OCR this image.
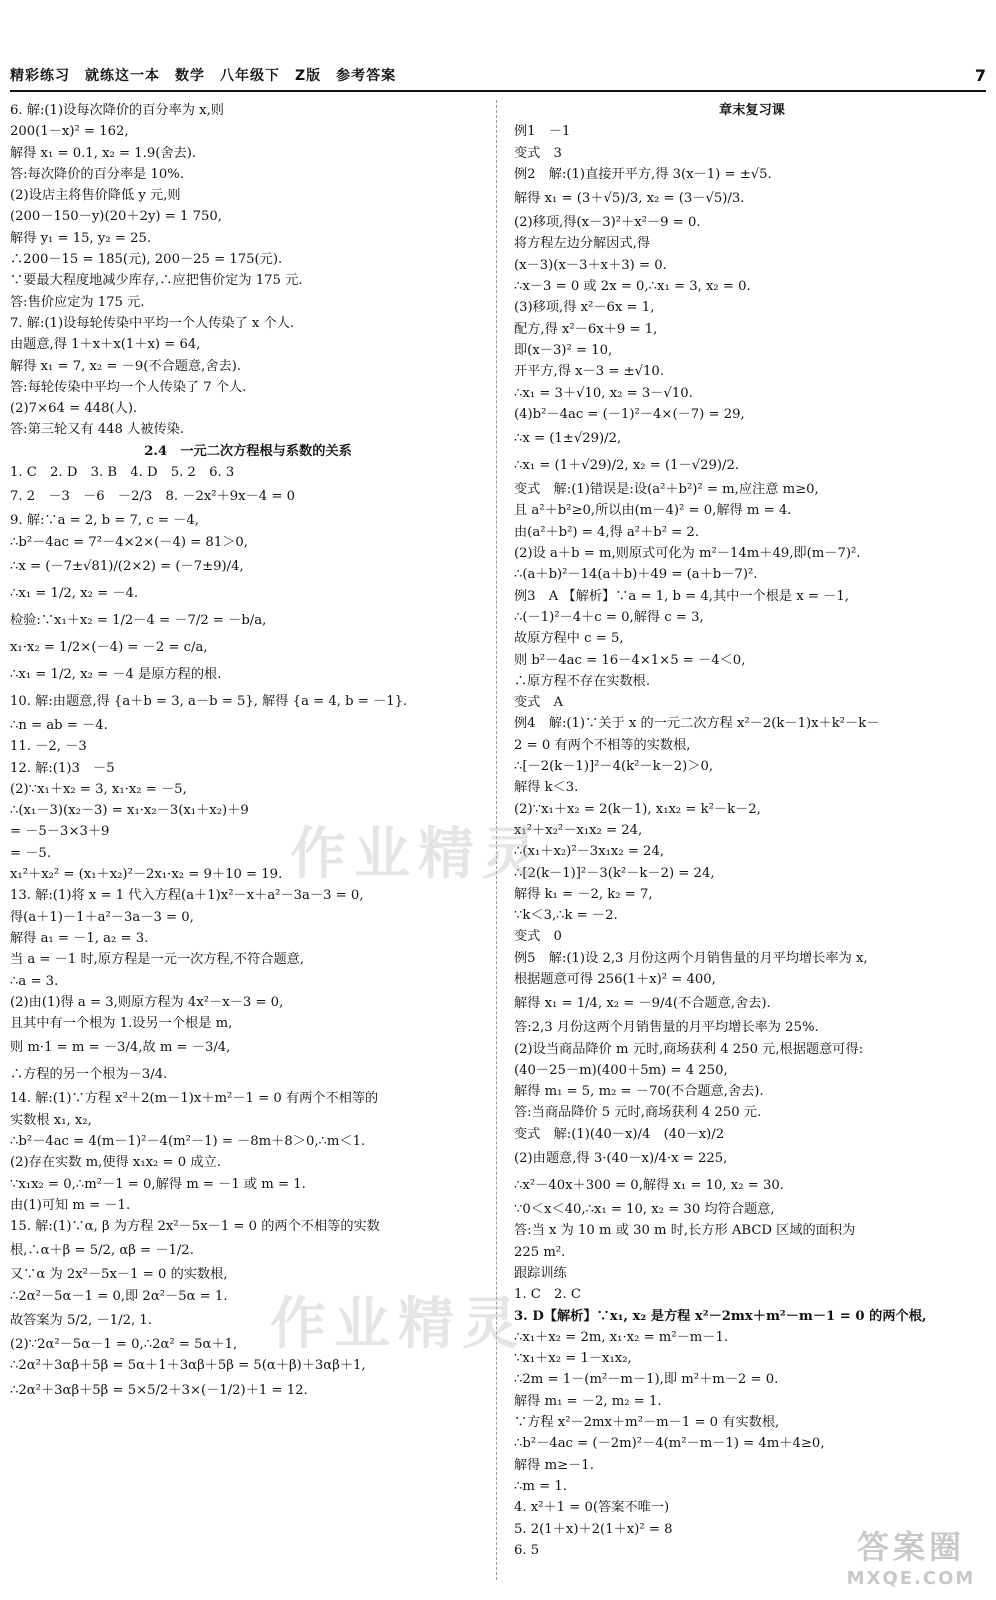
精彩练习　就练这一本　数学　八年级下　Z版　参考答案	7
6. 解:(1)设每次降价的百分率为 x,则
200(1－x)² = 162,
解得 x₁ = 0.1, x₂ = 1.9(舍去).
答:每次降价的百分率是 10%.
(2)设店主将售价降低 y 元,则
(200－150－y)(20＋2y) = 1 750,
解得 y₁ = 15, y₂ = 25.
∴200－15 = 185(元), 200－25 = 175(元).
∵要最大程度地减少库存,∴应把售价定为 175 元.
答:售价应定为 175 元.
7. 解:(1)设每轮传染中平均一个人传染了 x 个人.
由题意,得 1＋x＋x(1＋x) = 64,
解得 x₁ = 7, x₂ = －9(不合题意,舍去).
答:每轮传染中平均一个人传染了 7 个人.
(2)7×64 = 448(人).
答:第三轮又有 448 人被传染.
2.4　一元二次方程根与系数的关系
1. C　2. D　3. B　4. D　5. 2　6. 3
7. 2　－3　－6　－2/3　8. －2x²＋9x－4 = 0
9. 解:∵a = 2, b = 7, c = －4,
∴b²－4ac = 7²－4×2×(－4) = 81＞0,
∴x = (－7±√81)/(2×2) = (－7±9)/4,
∴x₁ = 1/2, x₂ = －4.
检验:∵x₁＋x₂ = 1/2－4 = －7/2 = －b/a,
x₁·x₂ = 1/2×(－4) = －2 = c/a,
∴x₁ = 1/2, x₂ = －4 是原方程的根.
10. 解:由题意,得 {a＋b = 3, a－b = 5}, 解得 {a = 4, b = －1}.
∴n = ab = －4.
11. －2, －3
12. 解:(1)3　－5
(2)∵x₁＋x₂ = 3, x₁·x₂ = －5,
∴(x₁－3)(x₂－3) = x₁·x₂－3(x₁＋x₂)＋9
= －5－3×3＋9
= －5.
x₁²＋x₂² = (x₁＋x₂)²－2x₁·x₂ = 9＋10 = 19.
13. 解:(1)将 x = 1 代入方程(a＋1)x²－x＋a²－3a－3 = 0,
得(a＋1)－1＋a²－3a－3 = 0,
解得 a₁ = －1, a₂ = 3.
当 a = －1 时,原方程是一元一次方程,不符合题意,
∴a = 3.
(2)由(1)得 a = 3,则原方程为 4x²－x－3 = 0,
且其中有一个根为 1.设另一个根是 m,
则 m·1 = m = －3/4,故 m = －3/4,
∴方程的另一个根为－3/4.
14. 解:(1)∵方程 x²＋2(m－1)x＋m²－1 = 0 有两个不相等的
实数根 x₁, x₂,
∴b²－4ac = 4(m－1)²－4(m²－1) = －8m＋8＞0,∴m＜1.
(2)存在实数 m,使得 x₁x₂ = 0 成立.
∵x₁x₂ = 0,∴m²－1 = 0,解得 m = －1 或 m = 1.
由(1)可知 m = －1.
15. 解:(1)∵α, β 为方程 2x²－5x－1 = 0 的两个不相等的实数
根,∴α＋β = 5/2, αβ = －1/2.
又∵α 为 2x²－5x－1 = 0 的实数根,
∴2α²－5α－1 = 0,即 2α²－5α = 1.
故答案为 5/2, －1/2, 1.
(2)∵2α²－5α－1 = 0,∴2α² = 5α＋1,
∴2α²＋3αβ＋5β = 5α＋1＋3αβ＋5β = 5(α＋β)＋3αβ＋1,
∴2α²＋3αβ＋5β = 5×5/2＋3×(－1/2)＋1 = 12.
章末复习课
例1　－1
变式　3
例2　解:(1)直接开平方,得 3(x－1) = ±√5.
解得 x₁ = (3＋√5)/3, x₂ = (3－√5)/3.
(2)移项,得(x－3)²＋x²－9 = 0.
将方程左边分解因式,得
(x－3)(x－3＋x＋3) = 0.
∴x－3 = 0 或 2x = 0,∴x₁ = 3, x₂ = 0.
(3)移项,得 x²－6x = 1,
配方,得 x²－6x＋9 = 1,
即(x－3)² = 10,
开平方,得 x－3 = ±√10.
∴x₁ = 3＋√10, x₂ = 3－√10.
(4)b²－4ac = (－1)²－4×(－7) = 29,
∴x = (1±√29)/2,
∴x₁ = (1＋√29)/2, x₂ = (1－√29)/2.
变式　解:(1)错误是:设(a²＋b²)² = m,应注意 m≥0,
且 a²＋b²≥0,所以由(m－4)² = 0,解得 m = 4.
由(a²＋b²) = 4,得 a²＋b² = 2.
(2)设 a＋b = m,则原式可化为 m²－14m＋49,即(m－7)².
∴(a＋b)²－14(a＋b)＋49 = (a＋b－7)².
例3　A 【解析】∵a = 1, b = 4,其中一个根是 x = －1,
∴(－1)²－4＋c = 0,解得 c = 3,
故原方程中 c = 5,
则 b²－4ac = 16－4×1×5 = －4＜0,
∴原方程不存在实数根.
变式　A
例4　解:(1)∵关于 x 的一元二次方程 x²－2(k－1)x＋k²－k－
2 = 0 有两个不相等的实数根,
∴[－2(k－1)]²－4(k²－k－2)＞0,
解得 k＜3.
(2)∵x₁＋x₂ = 2(k－1), x₁x₂ = k²－k－2,
x₁²＋x₂²－x₁x₂ = 24,
∴(x₁＋x₂)²－3x₁x₂ = 24,
∴[2(k－1)]²－3(k²－k－2) = 24,
解得 k₁ = －2, k₂ = 7,
∵k＜3,∴k = －2.
变式　0
例5　解:(1)设 2,3 月份这两个月销售量的月平均增长率为 x,
根据题意可得 256(1＋x)² = 400,
解得 x₁ = 1/4, x₂ = －9/4(不合题意,舍去).
答:2,3 月份这两个月销售量的月平均增长率为 25%.
(2)设当商品降价 m 元时,商场获利 4 250 元,根据题意可得:
(40－25－m)(400＋5m) = 4 250,
解得 m₁ = 5, m₂ = －70(不合题意,舍去).
答:当商品降价 5 元时,商场获利 4 250 元.
变式　解:(1)(40－x)/4　(40－x)/2
(2)由题意,得 3·(40－x)/4·x = 225,
∴x²－40x＋300 = 0,解得 x₁ = 10, x₂ = 30.
∵0＜x＜40,∴x₁ = 10, x₂ = 30 均符合题意,
答:当 x 为 10 m 或 30 m 时,长方形 ABCD 区域的面积为
225 m².
跟踪训练
1. C　2. C
3. D【解析】∵x₁, x₂ 是方程 x²－2mx＋m²－m－1 = 0 的两个根,
∴x₁＋x₂ = 2m, x₁·x₂ = m²－m－1.
∵x₁＋x₂ = 1－x₁x₂,
∴2m = 1－(m²－m－1),即 m²＋m－2 = 0.
解得 m₁ = －2, m₂ = 1.
∵方程 x²－2mx＋m²－m－1 = 0 有实数根,
∴b²－4ac = (－2m)²－4(m²－m－1) = 4m＋4≥0,
解得 m≥－1.
∴m = 1.
4. x²＋1 = 0(答案不唯一)
5. 2(1＋x)＋2(1＋x)² = 8
6. 5
作业精灵
作业精灵
答案圈
MXQE.COM
